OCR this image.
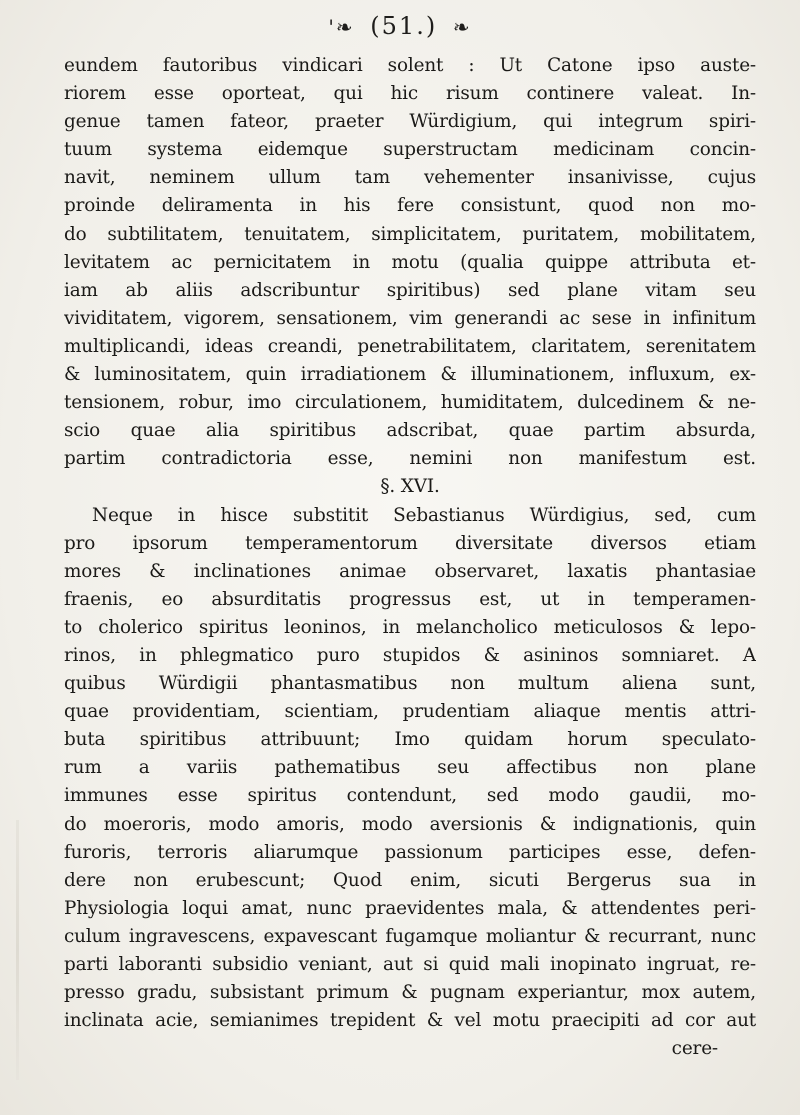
'❧ (51.) ❧
eundem fautoribus vindicari solent : Ut Catone ipso auste-
riorem esse oporteat, qui hic risum continere valeat. In-
genue tamen fateor, praeter Würdigium, qui integrum spiri-
tuum systema eidemque superstructam medicinam concin-
navit, neminem ullum tam vehementer insanivisse, cujus
proinde deliramenta in his fere consistunt, quod non mo-
do subtilitatem, tenuitatem, simplicitatem, puritatem, mobilitatem,
levitatem ac pernicitatem in motu (qualia quippe attributa et-
iam ab aliis adscribuntur spiritibus) sed plane vitam seu
vividitatem, vigorem, sensationem, vim generandi ac sese in infinitum
multiplicandi, ideas creandi, penetrabilitatem, claritatem, serenitatem
& luminositatem, quin irradiationem & illuminationem, influxum, ex-
tensionem, robur, imo circulationem, humiditatem, dulcedinem & ne-
scio quae alia spiritibus adscribat, quae partim absurda,
partim contradictoria esse, nemini non manifestum est.
§. XVI.
Neque in hisce substitit Sebastianus Würdigius, sed, cum
pro ipsorum temperamentorum diversitate diversos etiam
mores & inclinationes animae observaret, laxatis phantasiae
fraenis, eo absurditatis progressus est, ut in temperamen-
to cholerico spiritus leoninos, in melancholico meticulosos & lepo-
rinos, in phlegmatico puro stupidos & asininos somniaret. A
quibus Würdigii phantasmatibus non multum aliena sunt,
quae providentiam, scientiam, prudentiam aliaque mentis attri-
buta spiritibus attribuunt; Imo quidam horum speculato-
rum a variis pathematibus seu affectibus non plane
immunes esse spiritus contendunt, sed modo gaudii, mo-
do moeroris, modo amoris, modo aversionis & indignationis, quin
furoris, terroris aliarumque passionum participes esse, defen-
dere non erubescunt; Quod enim, sicuti Bergerus sua in
Physiologia loqui amat, nunc praevidentes mala, & attendentes peri-
culum ingravescens, expavescant fugamque moliantur & recurrant, nunc
parti laboranti subsidio veniant, aut si quid mali inopinato ingruat, re-
presso gradu, subsistant primum & pugnam experiantur, mox autem,
inclinata acie, semianimes trepident & vel motu praecipiti ad cor aut
cere-
